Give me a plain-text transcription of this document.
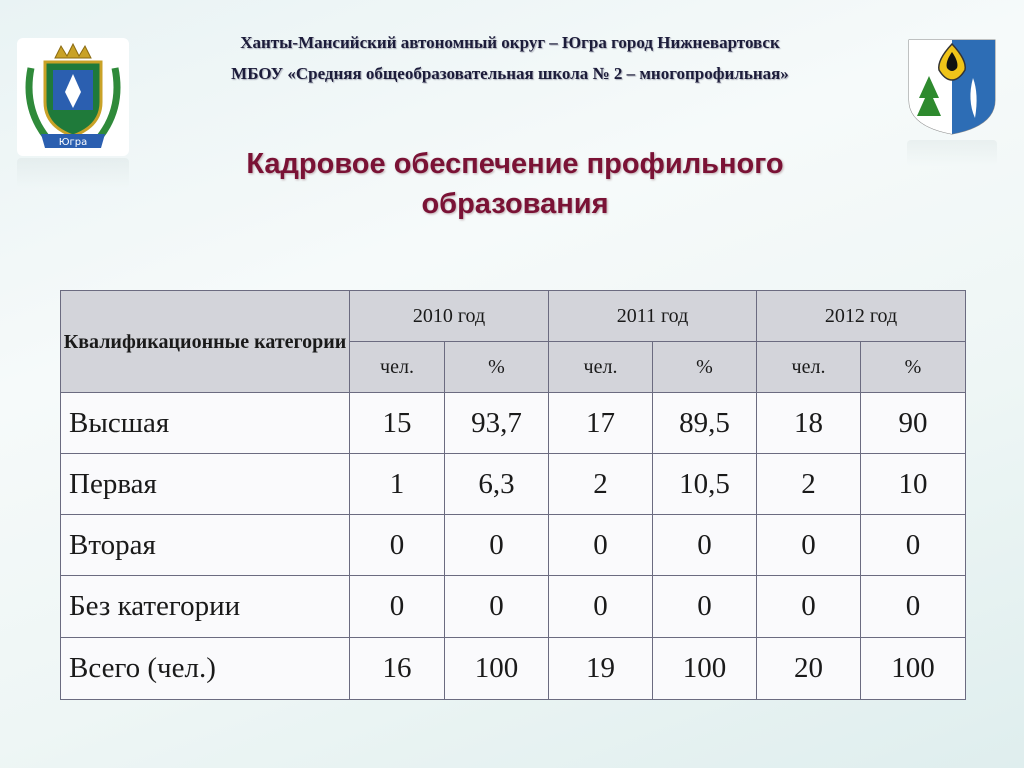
Ханты-Мансийский автономный округ – Югра город Нижневартовск
МБОУ «Средняя общеобразовательная школа № 2 – многопрофильная»
Югра
Кадровое обеспечение профильного
образования
Квалификационные категории	2010 год		2011 год		2012 год	
	чел.	%	чел.	%	чел.	%
Высшая	15	93,7	17	89,5	18	90
Первая	1	6,3	2	10,5	2	10
Вторая	0	0	0	0	0	0
Без категории	0	0	0	0	0	0
Всего (чел.)	16	100	19	100	20	100
